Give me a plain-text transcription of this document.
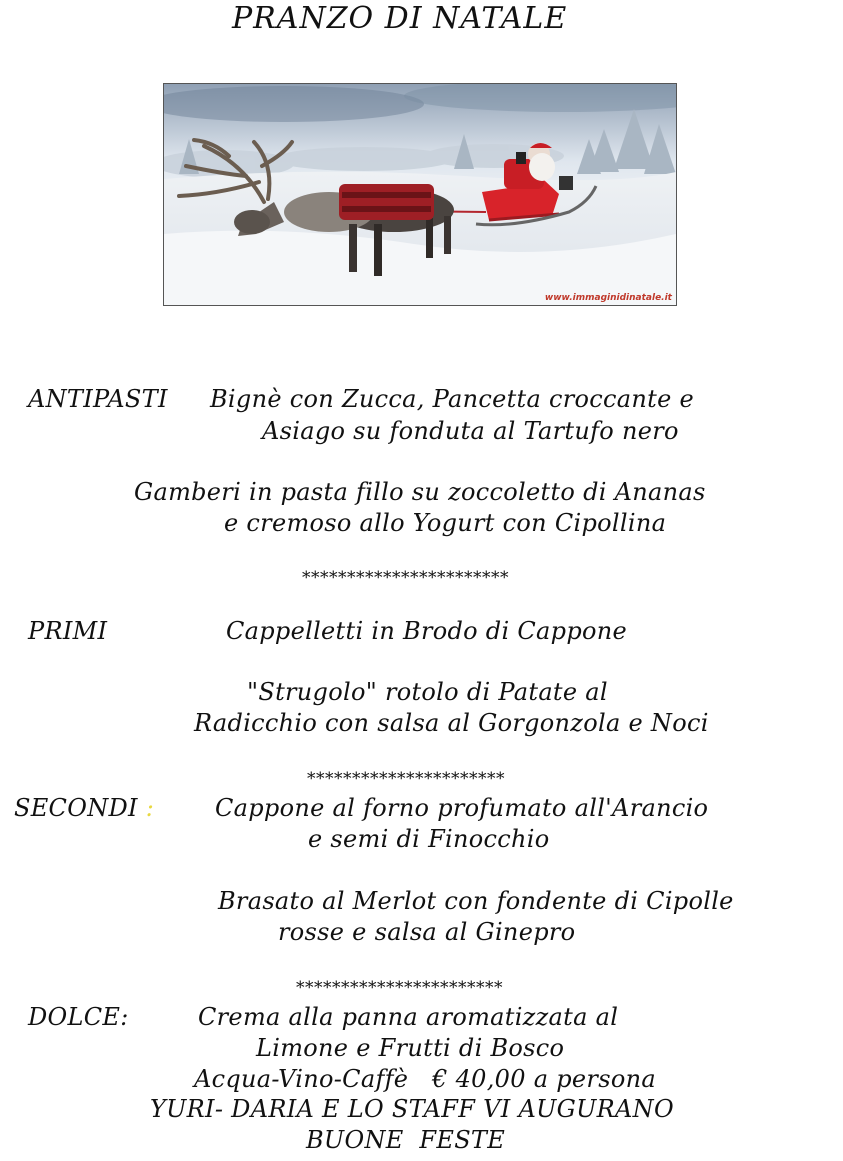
PRANZO DI NATALE
www.immaginidinatale.it
ANTIPASTI Bignè con Zucca, Pancetta croccante e
Asiago su fonduta al Tartufo nero
Gamberi in pasta fillo su zoccoletto di Ananas
e cremoso allo Yogurt con Cipollina
***********************
PRIMI	Cappelletti in Brodo di Cappone
"Strugolo" rotolo di Patate al
Radicchio con salsa al Gorgonzola e Noci
**********************
SECONDI :	Cappone al forno profumato all'Arancio
e semi di Finocchio
Brasato al Merlot con fondente di Cipolle
rosse e salsa al Ginepro
***********************
DOLCE:	Crema alla panna aromatizzata al
Limone e Frutti di Bosco
Acqua-Vino-Caffè   € 40,00 a persona
YURI- DARIA E LO STAFF VI AUGURANO
BUONE  FESTE
